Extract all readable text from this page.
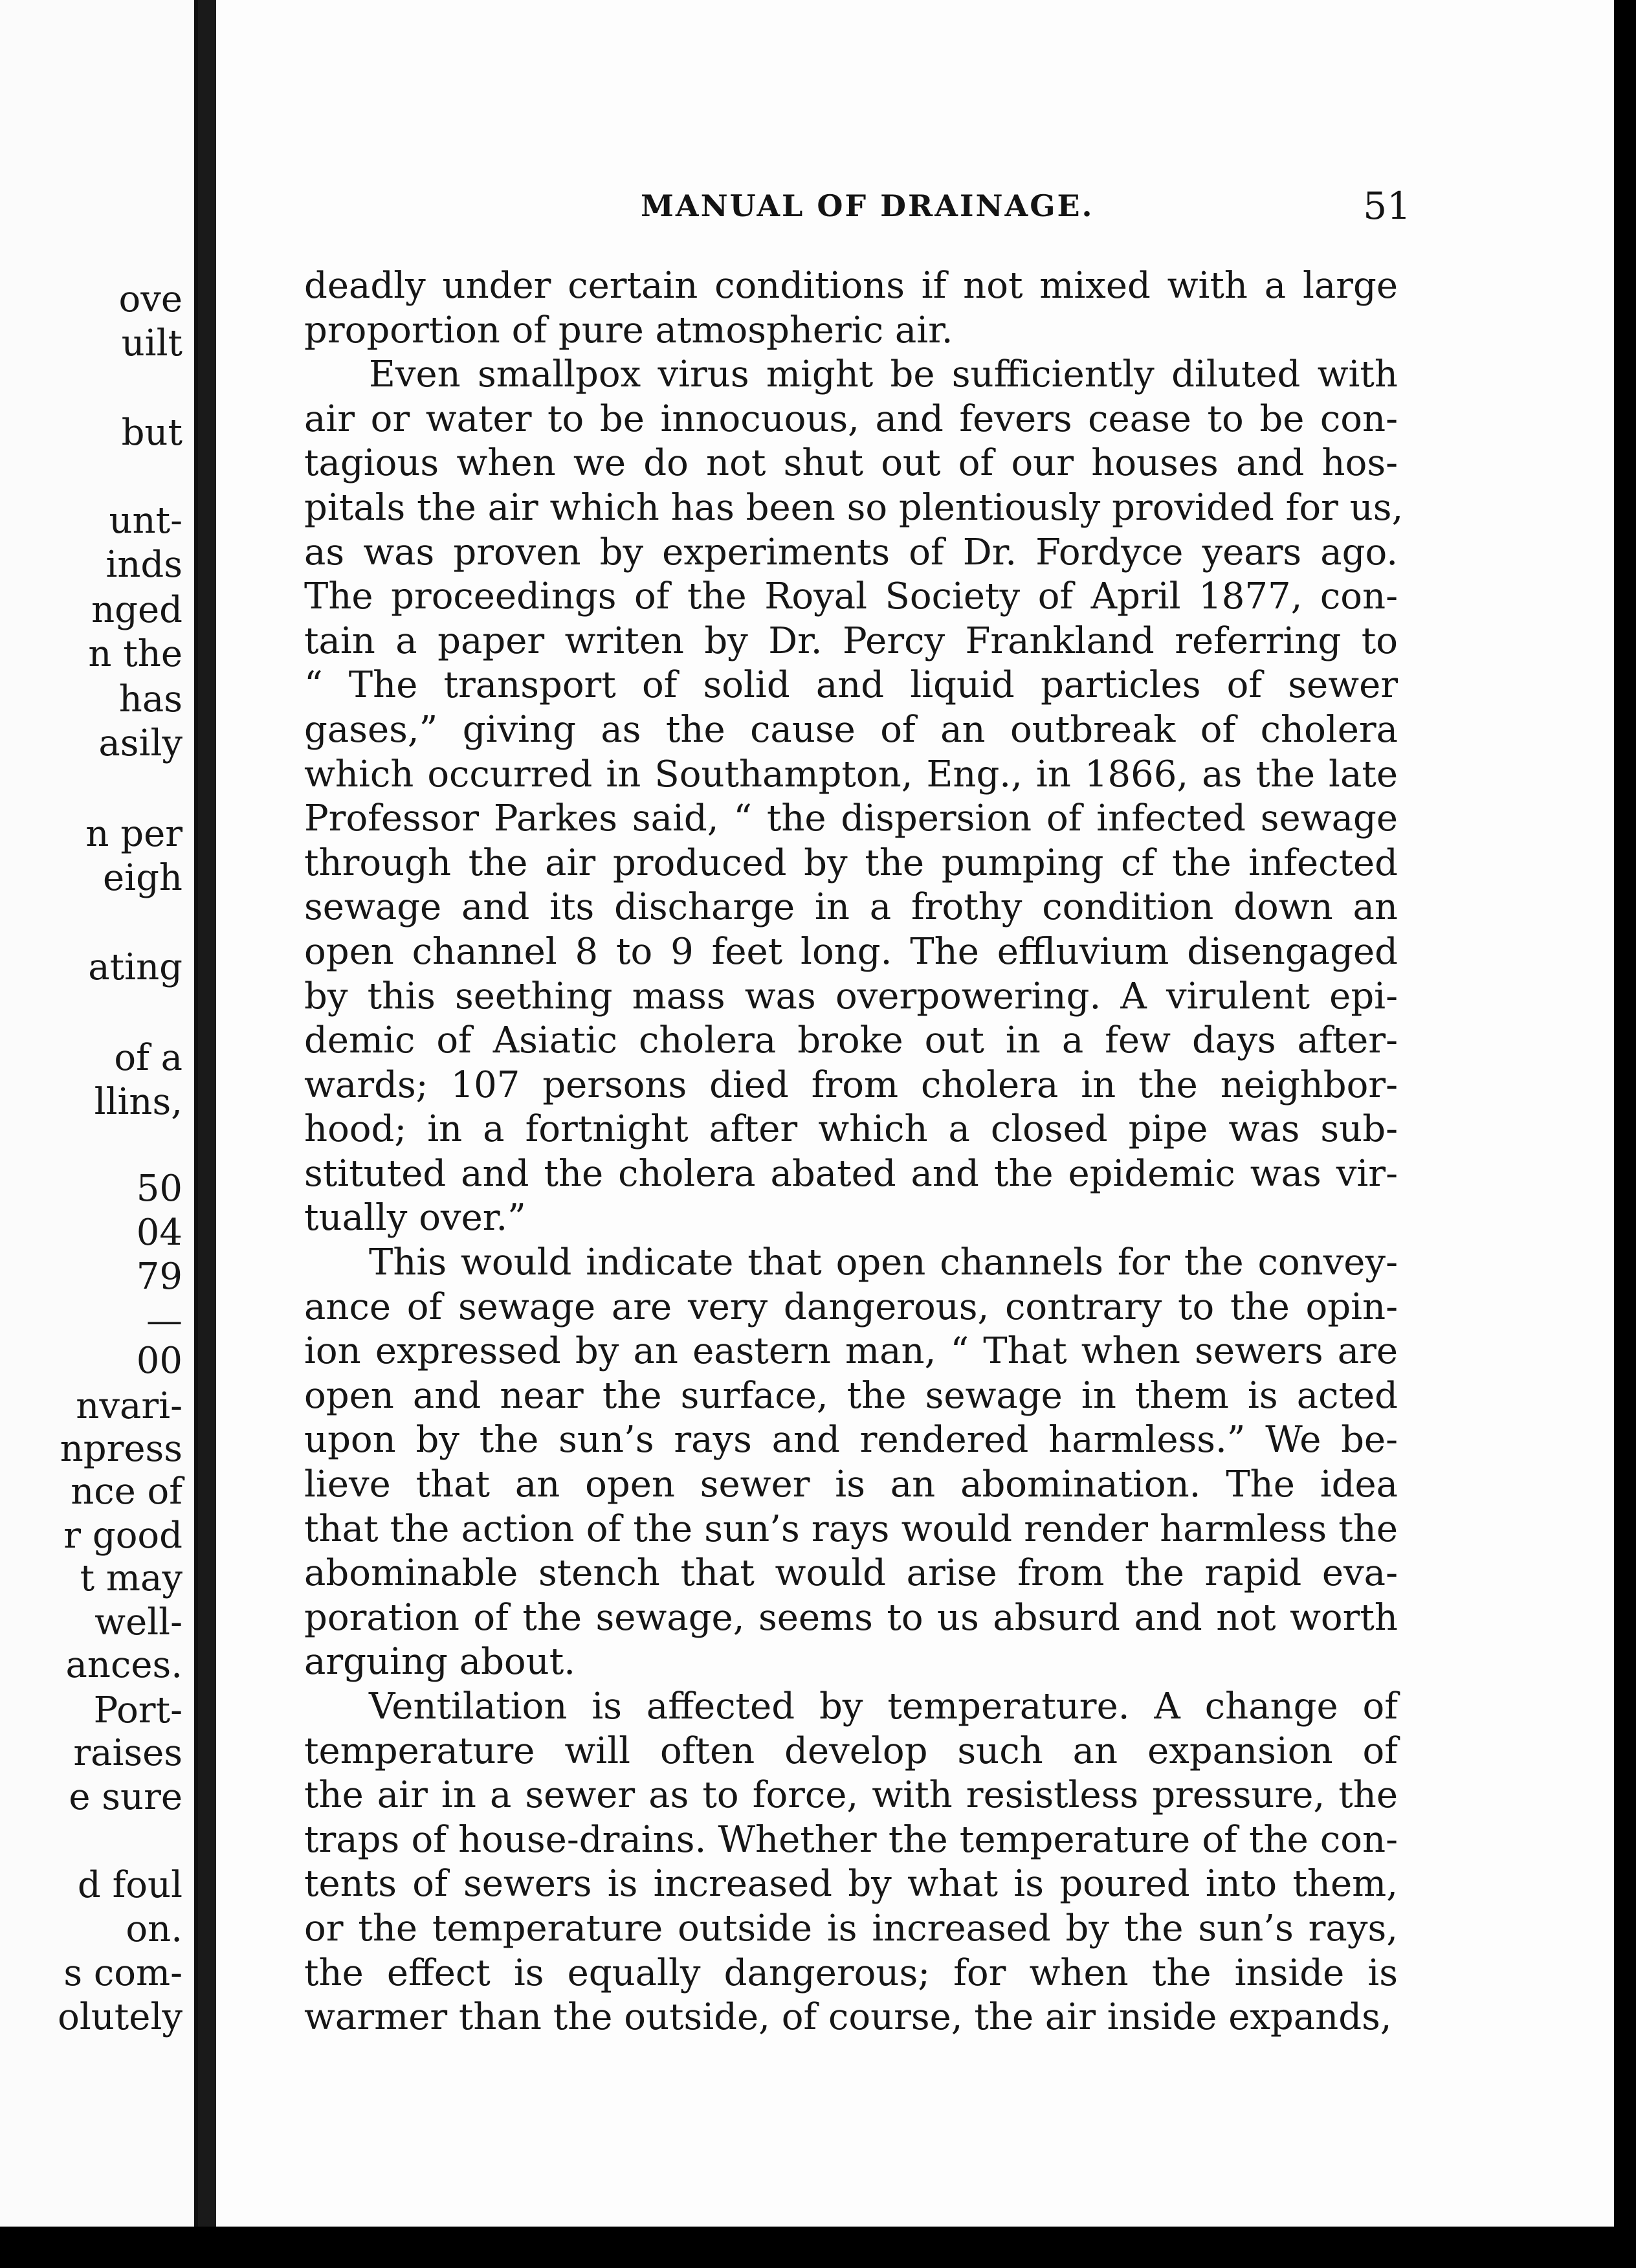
ove
uilt
but
unt-
inds
nged
n the
has
asily
n per
eigh
ating
of a
llins,
50
04
79
—
00
nvari-
npress
nce of
r good
t may
well-
ances.
Port-
raises
e sure
d foul
on.
s com-
olutely
MANUAL OF DRAINAGE.	51
deadly under certain conditions if not mixed with a large
proportion of pure atmospheric air.
Even smallpox virus might be sufficiently diluted with
air or water to be innocuous, and fevers cease to be con-
tagious when we do not shut out of our houses and hos-
pitals the air which has been so plentiously provided for us,
as was proven by experiments of Dr. Fordyce years ago.
The proceedings of the Royal Society of April 1877, con-
tain a paper writen by Dr. Percy Frankland referring to
“ The transport of solid and liquid particles of sewer
gases,” giving as the cause of an outbreak of cholera
which occurred in Southampton, Eng., in 1866, as the late
Professor Parkes said, “ the dispersion of infected sewage
through the air produced by the pumping cf the infected
sewage and its discharge in a frothy condition down an
open channel 8 to 9 feet long. The effluvium disengaged
by this seething mass was overpowering. A virulent epi-
demic of Asiatic cholera broke out in a few days after-
wards; 107 persons died from cholera in the neighbor-
hood; in a fortnight after which a closed pipe was sub-
stituted and the cholera abated and the epidemic was vir-
tually over.”
This would indicate that open channels for the convey-
ance of sewage are very dangerous, contrary to the opin-
ion expressed by an eastern man, “ That when sewers are
open and near the surface, the sewage in them is acted
upon by the sun’s rays and rendered harmless.” We be-
lieve that an open sewer is an abomination. The idea
that the action of the sun’s rays would render harmless the
abominable stench that would arise from the rapid eva-
poration of the sewage, seems to us absurd and not worth
arguing about.
Ventilation is affected by temperature. A change of
temperature will often develop such an expansion of
the air in a sewer as to force, with resistless pressure, the
traps of house-drains. Whether the temperature of the con-
tents of sewers is increased by what is poured into them,
or the temperature outside is increased by the sun’s rays,
the effect is equally dangerous; for when the inside is
warmer than the outside, of course, the air inside expands,
